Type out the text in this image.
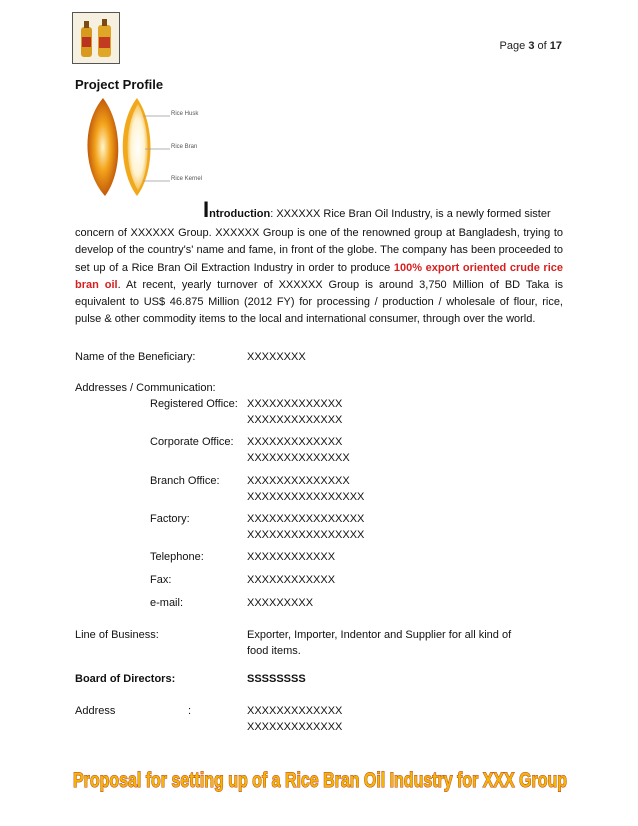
Page 3 of 17
Project Profile
Rice Husk
Rice Bran
Rice Kernel
Introduction: XXXXXX Rice Bran Oil Industry, is a newly formed sister
concern of XXXXXX Group. XXXXXX Group is one of the renowned group at Bangladesh, trying to develop of the country's' name and fame, in front of the globe. The company has been proceeded to set up of a Rice Bran Oil Extraction Industry in order to produce 100% export oriented crude rice bran oil. At recent, yearly turnover of XXXXXX Group is around 3,750 Million of BD Taka is equivalent to US$ 46.875 Million (2012 FY) for processing / production / wholesale of flour, rice, pulse & other commodity items to the local and international consumer, through over the world.
Name of the Beneficiary:	XXXXXXXX
Addresses / Communication:
Registered Office: XXXXXXXXXXXXX
XXXXXXXXXXXXX
Corporate Office: XXXXXXXXXXXXX
XXXXXXXXXXXXXX
Branch Office:	XXXXXXXXXXXXXX
XXXXXXXXXXXXXXXX
Factory:	XXXXXXXXXXXXXXXX
XXXXXXXXXXXXXXXX
Telephone:	XXXXXXXXXXXX
Fax:	XXXXXXXXXXXX
e-mail:	XXXXXXXXX
Line of Business:	Exporter, Importer, Indentor and Supplier for all kind of
food items.
Board of Directors:	SSSSSSSS
Address	:	XXXXXXXXXXXXX
XXXXXXXXXXXXX
Proposal for setting up of a Rice Bran Oil Industry for XXX Group
